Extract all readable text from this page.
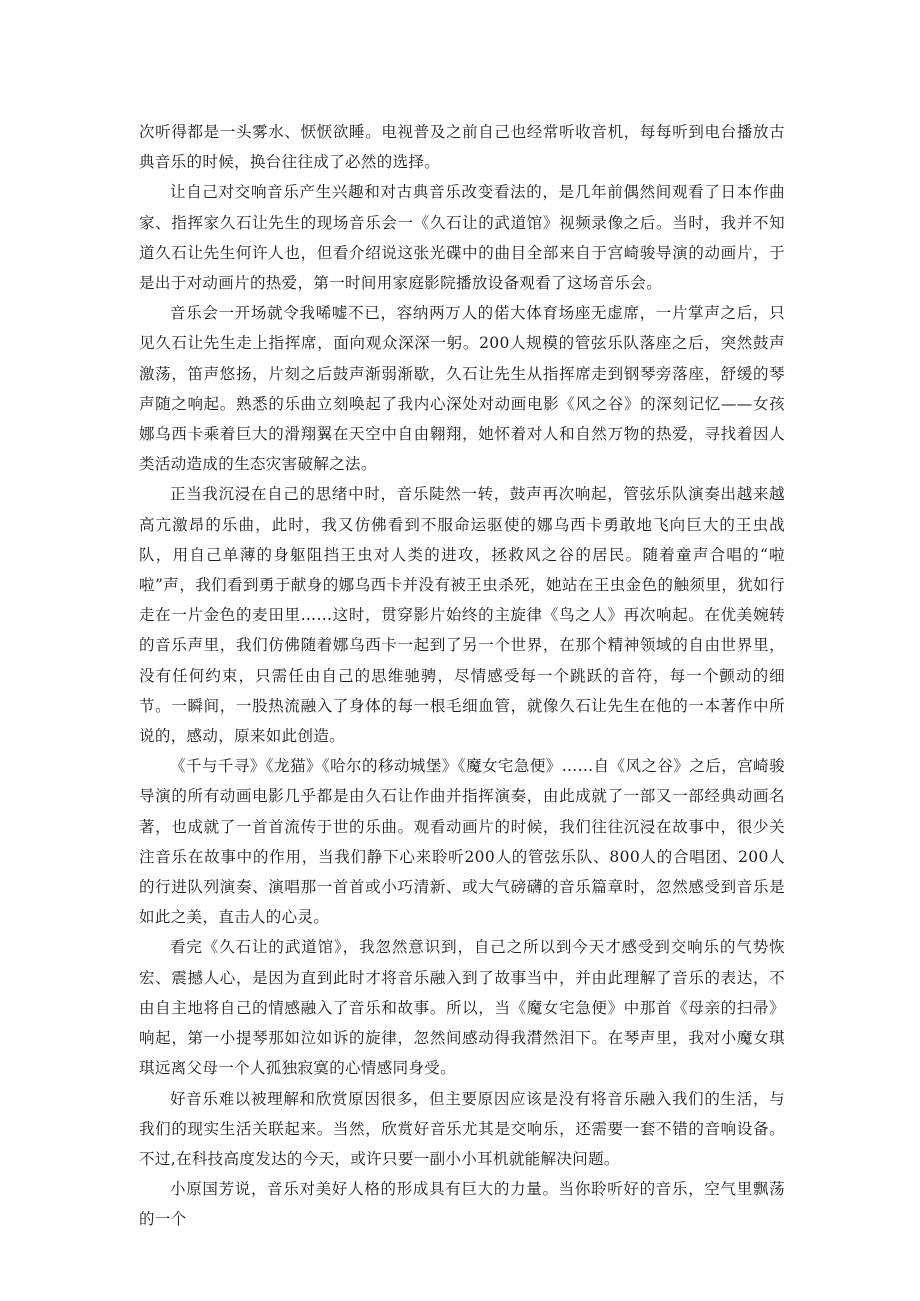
次听得都是一头雾水、恹恹欲睡。电视普及之前自己也经常听收音机，每每听到电台播放古典音乐的时候，换台往往成了必然的选择。

让自己对交响音乐产生兴趣和对古典音乐改变看法的，是几年前偶然间观看了日本作曲家、指挥家久石让先生的现场音乐会一《久石让的武道馆》视频录像之后。当时，我并不知道久石让先生何许人也，但看介绍说这张光碟中的曲目全部来自于宫崎骏导演的动画片，于是出于对动画片的热爱，第一时间用家庭影院播放设备观看了这场音乐会。

音乐会一开场就令我唏嘘不已，容纳两万人的偌大体育场座无虚席，一片掌声之后，只见久石让先生走上指挥席，面向观众深深一躬。200人规模的管弦乐队落座之后，突然鼓声激荡，笛声悠扬，片刻之后鼓声渐弱渐歇，久石让先生从指挥席走到钢琴旁落座，舒缓的琴声随之响起。熟悉的乐曲立刻唤起了我内心深处对动画电影《风之谷》的深刻记忆——女孩娜乌西卡乘着巨大的滑翔翼在天空中自由翱翔，她怀着对人和自然万物的热爱，寻找着因人类活动造成的生态灾害破解之法。

正当我沉浸在自己的思绪中时，音乐陡然一转，鼓声再次响起，管弦乐队演奏出越来越高亢激昂的乐曲，此时，我又仿佛看到不服命运驱使的娜乌西卡勇敢地飞向巨大的王虫战队，用自己单薄的身躯阻挡王虫对人类的进攻，拯救风之谷的居民。随着童声合唱的“啦啦”声，我们看到勇于献身的娜乌西卡并没有被王虫杀死，她站在王虫金色的触须里，犹如行走在一片金色的麦田里……这时，贯穿影片始终的主旋律《鸟之人》再次响起。在优美婉转的音乐声里，我们仿佛随着娜乌西卡一起到了另一个世界，在那个精神领域的自由世界里，没有任何约束，只需任由自己的思维驰骋，尽情感受每一个跳跃的音符，每一个颤动的细节。一瞬间，一股热流融入了身体的每一根毛细血管，就像久石让先生在他的一本著作中所说的，感动，原来如此创造。

《千与千寻》《龙猫》《哈尔的移动城堡》《魔女宅急便》……自《风之谷》之后，宫崎骏导演的所有动画电影几乎都是由久石让作曲并指挥演奏，由此成就了一部又一部经典动画名著，也成就了一首首流传于世的乐曲。观看动画片的时候，我们往往沉浸在故事中，很少关注音乐在故事中的作用，当我们静下心来聆听200人的管弦乐队、800人的合唱团、200人的行进队列演奏、演唱那一首首或小巧清新、或大气磅礴的音乐篇章时，忽然感受到音乐是如此之美，直击人的心灵。

看完《久石让的武道馆》，我忽然意识到，自己之所以到今天才感受到交响乐的气势恢宏、震撼人心，是因为直到此时才将音乐融入到了故事当中，并由此理解了音乐的表达，不由自主地将自己的情感融入了音乐和故事。所以，当《魔女宅急便》中那首《母亲的扫帚》响起，第一小提琴那如泣如诉的旋律，忽然间感动得我潸然泪下。在琴声里，我对小魔女琪琪远离父母一个人孤独寂寞的心情感同身受。

好音乐难以被理解和欣赏原因很多，但主要原因应该是没有将音乐融入我们的生活，与我们的现实生活关联起来。当然，欣赏好音乐尤其是交响乐，还需要一套不错的音响设备。不过,在科技高度发达的今天，或许只要一副小小耳机就能解决问题。

小原国芳说，音乐对美好人格的形成具有巨大的力量。当你聆听好的音乐，空气里飘荡的一个
